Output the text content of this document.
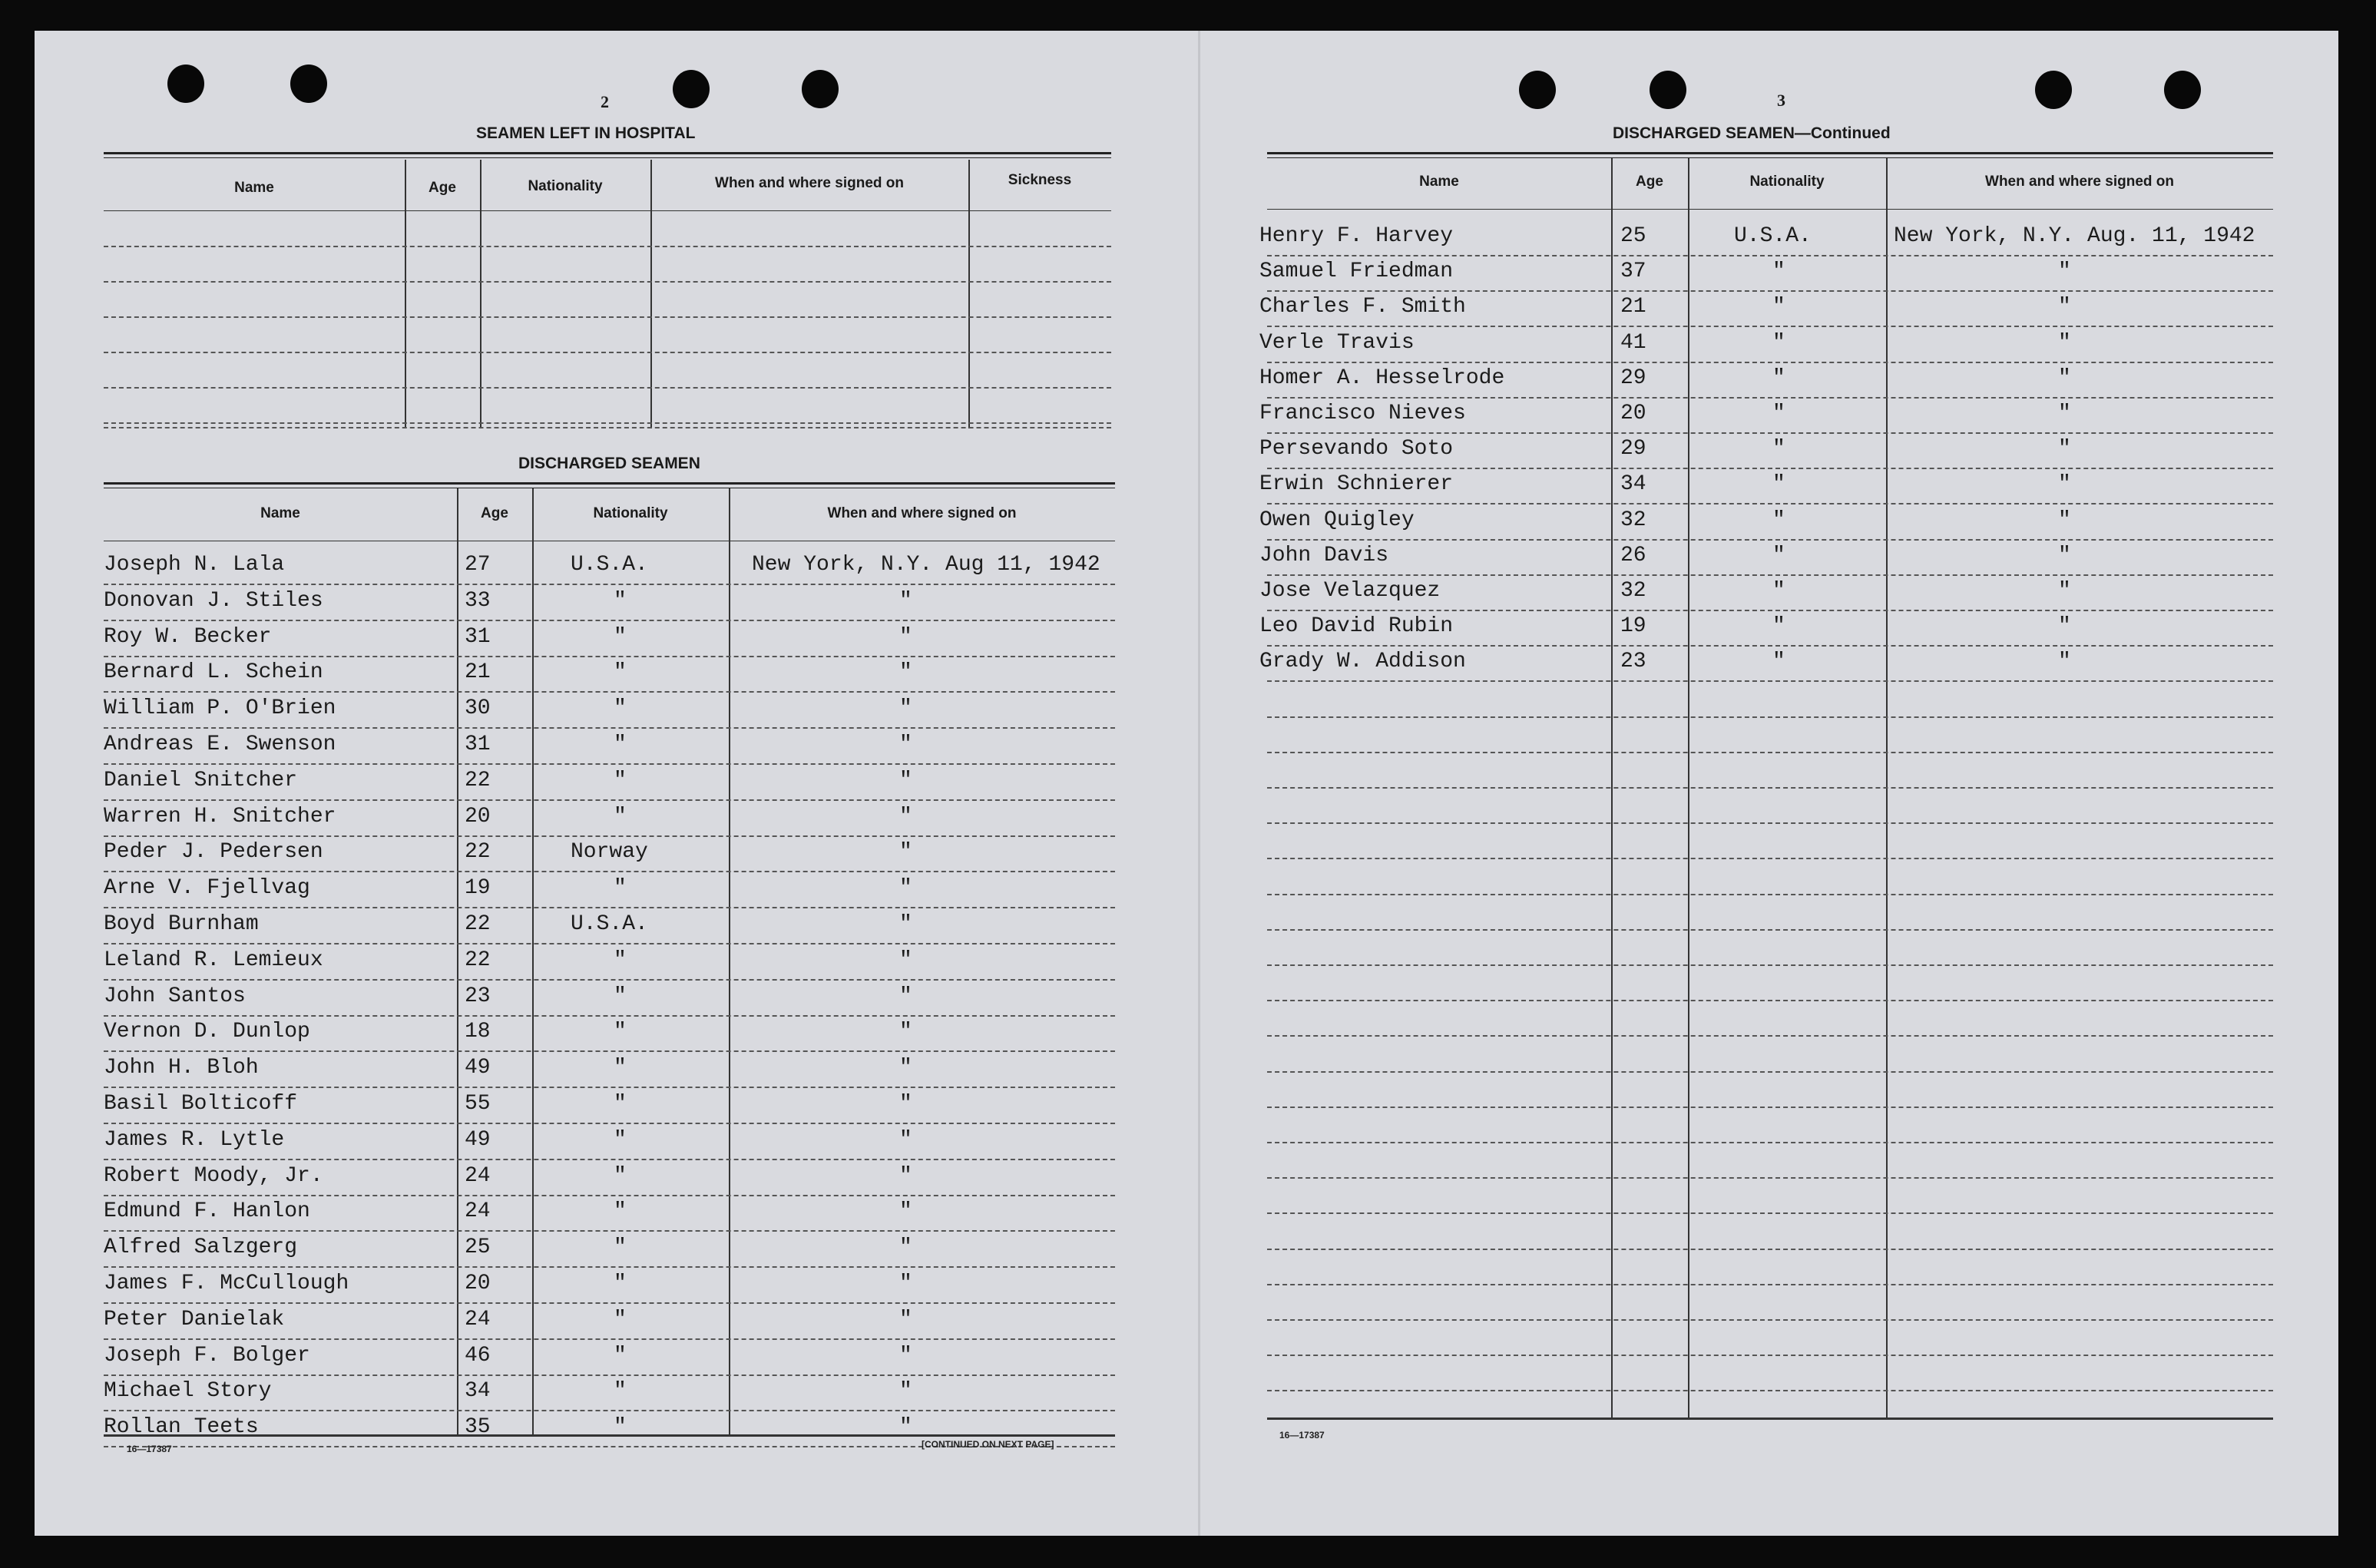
2
SEAMEN LEFT IN HOSPITAL
Name	Age	Nationality	When and where signed on	Sickness
DISCHARGED SEAMEN
Name	Age	Nationality	When and where signed on
Joseph N. Lala	27	U.S.A.	New York, N.Y. Aug 11, 1942
Donovan J. Stiles	33	"	"
Roy W. Becker	31	"	"
Bernard L. Schein	21	"	"
William P. O'Brien	30	"	"
Andreas E. Swenson	31	"	"
Daniel Snitcher	22	"	"
Warren H. Snitcher	20	"	"
Peder J. Pedersen	22	Norway	"
Arne V. Fjellvag	19	"	"
Boyd Burnham	22	U.S.A.	"
Leland R. Lemieux	22	"	"
John Santos	23	"	"
Vernon D. Dunlop	18	"	"
John H. Bloh	49	"	"
Basil Bolticoff	55	"	"
James R. Lytle	49	"	"
Robert Moody, Jr.	24	"	"
Edmund F. Hanlon	24	"	"
Alfred Salzgerg	25	"	"
James F. McCullough	20	"	"
Peter Danielak	24	"	"
Joseph F. Bolger	46	"	"
Michael Story	34	"	"
Rollan Teets	35	"	"
16—17387	[CONTINUED ON NEXT PAGE]
3
DISCHARGED SEAMEN—Continued
Name	Age	Nationality	When and where signed on
Henry F. Harvey	25	U.S.A.	New York, N.Y. Aug. 11, 1942
Samuel Friedman	37	"	"
Charles F. Smith	21	"	"
Verle Travis	41	"	"
Homer A. Hesselrode	29	"	"
Francisco Nieves	20	"	"
Persevando Soto	29	"	"
Erwin Schnierer	34	"	"
Owen Quigley	32	"	"
John Davis	26	"	"
Jose Velazquez	32	"	"
Leo David Rubin	19	"	"
Grady W. Addison	23	"	"
16—17387
